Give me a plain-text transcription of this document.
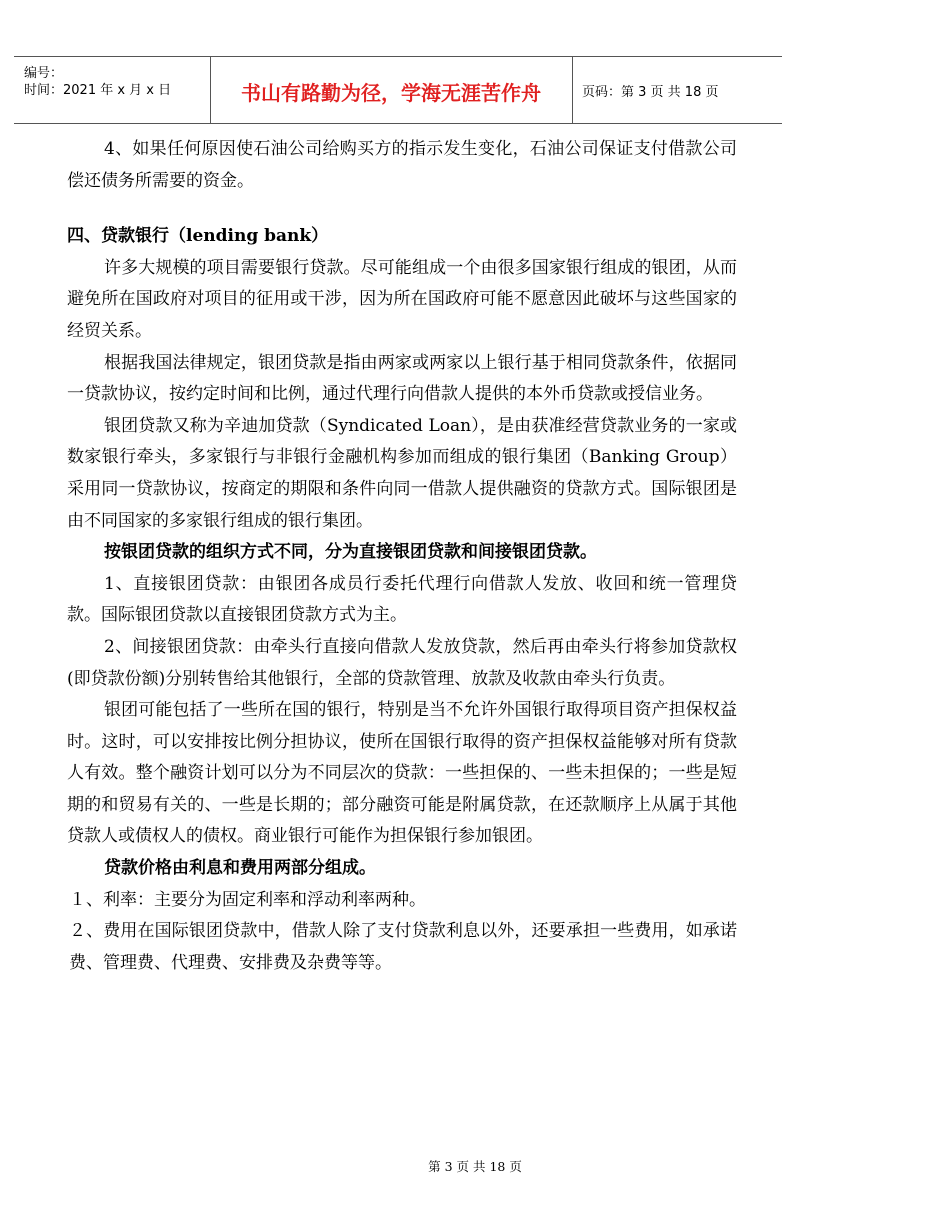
编号：
时间：2021 年 x 月 x 日	书山有路勤为径，学海无涯苦作舟	页码：第 3 页 共 18 页

4、如果任何原因使石油公司给购买方的指示发生变化，石油公司保证支付借款公司偿还债务所需要的资金。

四、贷款银行（lending bank）

许多大规模的项目需要银行贷款。尽可能组成一个由很多国家银行组成的银团，从而避免所在国政府对项目的征用或干涉，因为所在国政府可能不愿意因此破坏与这些国家的经贸关系。

根据我国法律规定，银团贷款是指由两家或两家以上银行基于相同贷款条件，依据同一贷款协议，按约定时间和比例，通过代理行向借款人提供的本外币贷款或授信业务。

银团贷款又称为辛迪加贷款（Syndicated Loan），是由获准经营贷款业务的一家或数家银行牵头，多家银行与非银行金融机构参加而组成的银行集团（Banking Group）采用同一贷款协议，按商定的期限和条件向同一借款人提供融资的贷款方式。国际银团是由不同国家的多家银行组成的银行集团。

按银团贷款的组织方式不同，分为直接银团贷款和间接银团贷款。

1、直接银团贷款：由银团各成员行委托代理行向借款人发放、收回和统一管理贷款。国际银团贷款以直接银团贷款方式为主。

2、间接银团贷款：由牵头行直接向借款人发放贷款，然后再由牵头行将参加贷款权(即贷款份额)分别转售给其他银行，全部的贷款管理、放款及收款由牵头行负责。

银团可能包括了一些所在国的银行，特别是当不允许外国银行取得项目资产担保权益时。这时，可以安排按比例分担协议，使所在国银行取得的资产担保权益能够对所有贷款人有效。整个融资计划可以分为不同层次的贷款：一些担保的、一些未担保的；一些是短期的和贸易有关的、一些是长期的；部分融资可能是附属贷款，在还款顺序上从属于其他贷款人或债权人的债权。商业银行可能作为担保银行参加银团。

贷款价格由利息和费用两部分组成。

１、利率：主要分为固定利率和浮动利率两种。

２、费用在国际银团贷款中，借款人除了支付贷款利息以外，还要承担一些费用，如承诺费、管理费、代理费、安排费及杂费等等。

第 3 页 共 18 页
